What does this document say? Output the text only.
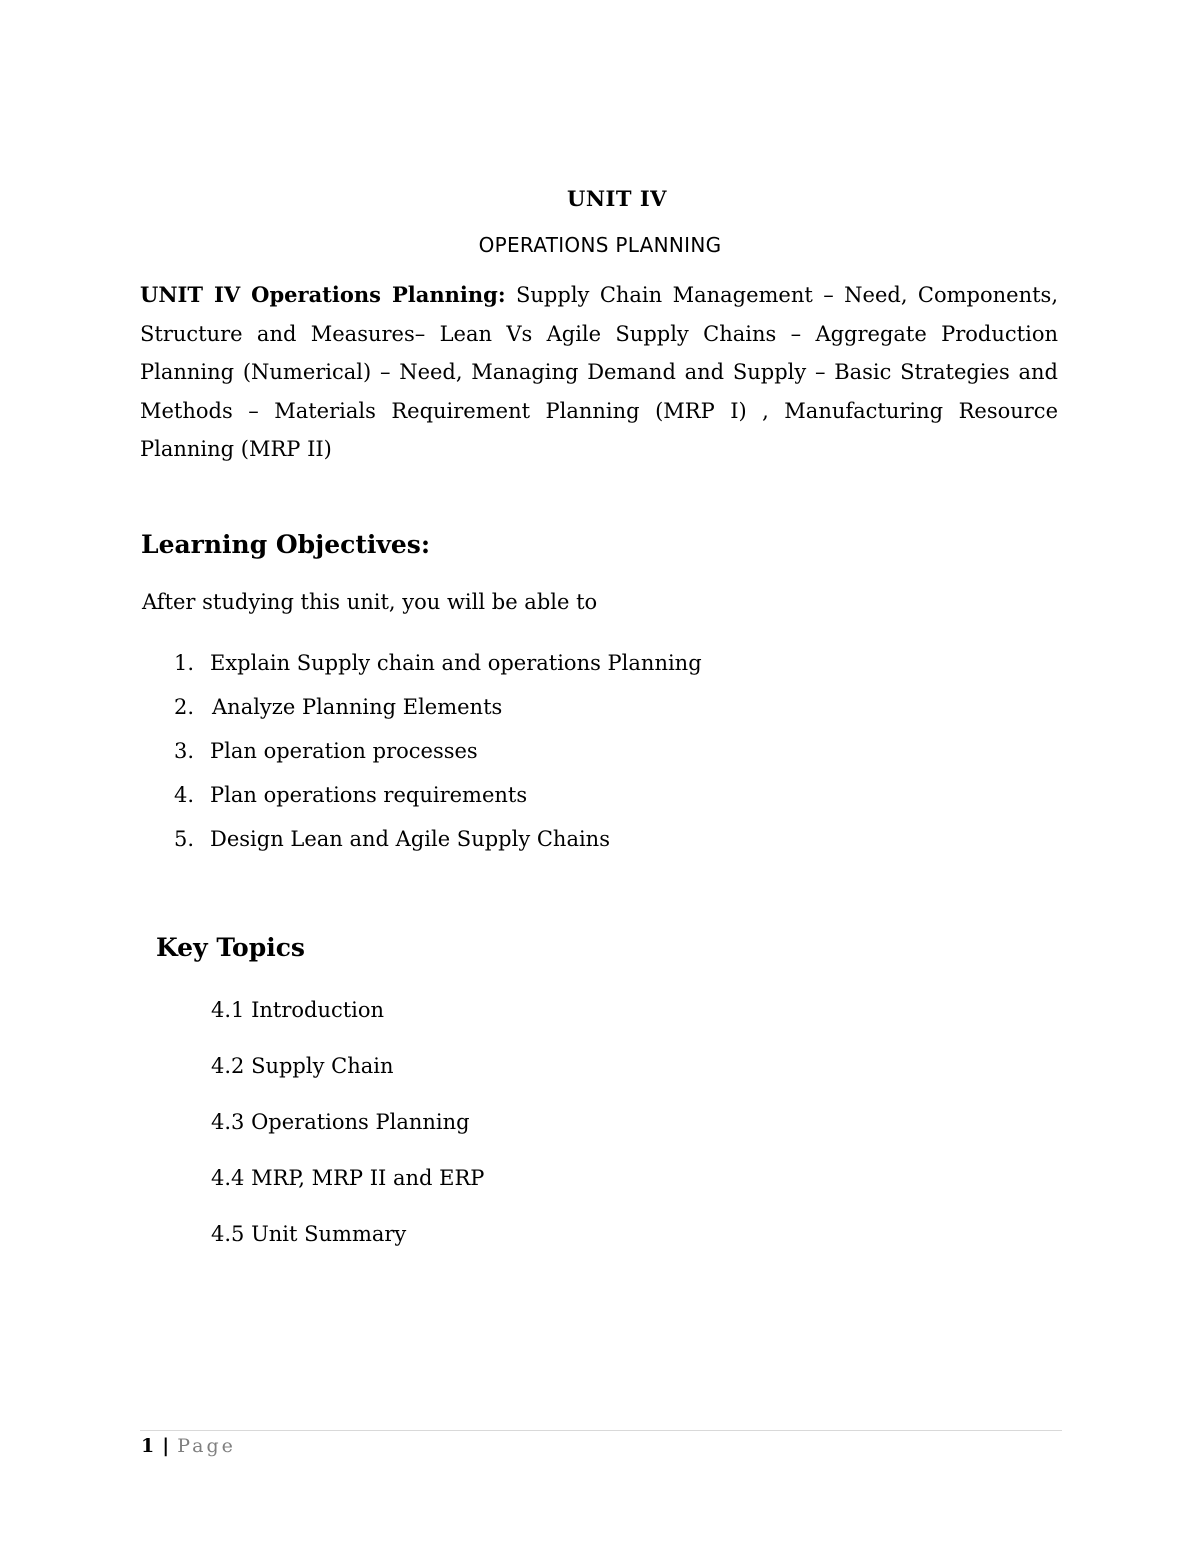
UNIT IV
OPERATIONS PLANNING

UNIT IV Operations Planning: Supply Chain Management – Need, Components, Structure and Measures– Lean Vs Agile Supply Chains – Aggregate Production Planning (Numerical) – Need, Managing Demand and Supply – Basic Strategies and Methods – Materials Requirement Planning (MRP I) , Manufacturing Resource Planning (MRP II)

Learning Objectives:

After studying this unit, you will be able to

1. Explain Supply chain and operations Planning
2. Analyze Planning Elements
3. Plan operation processes
4. Plan operations requirements
5. Design Lean and Agile Supply Chains
Key Topics
4.1 Introduction
4.2 Supply Chain
4.3 Operations Planning
4.4 MRP, MRP II and ERP
4.5 Unit Summary
1 | Page
